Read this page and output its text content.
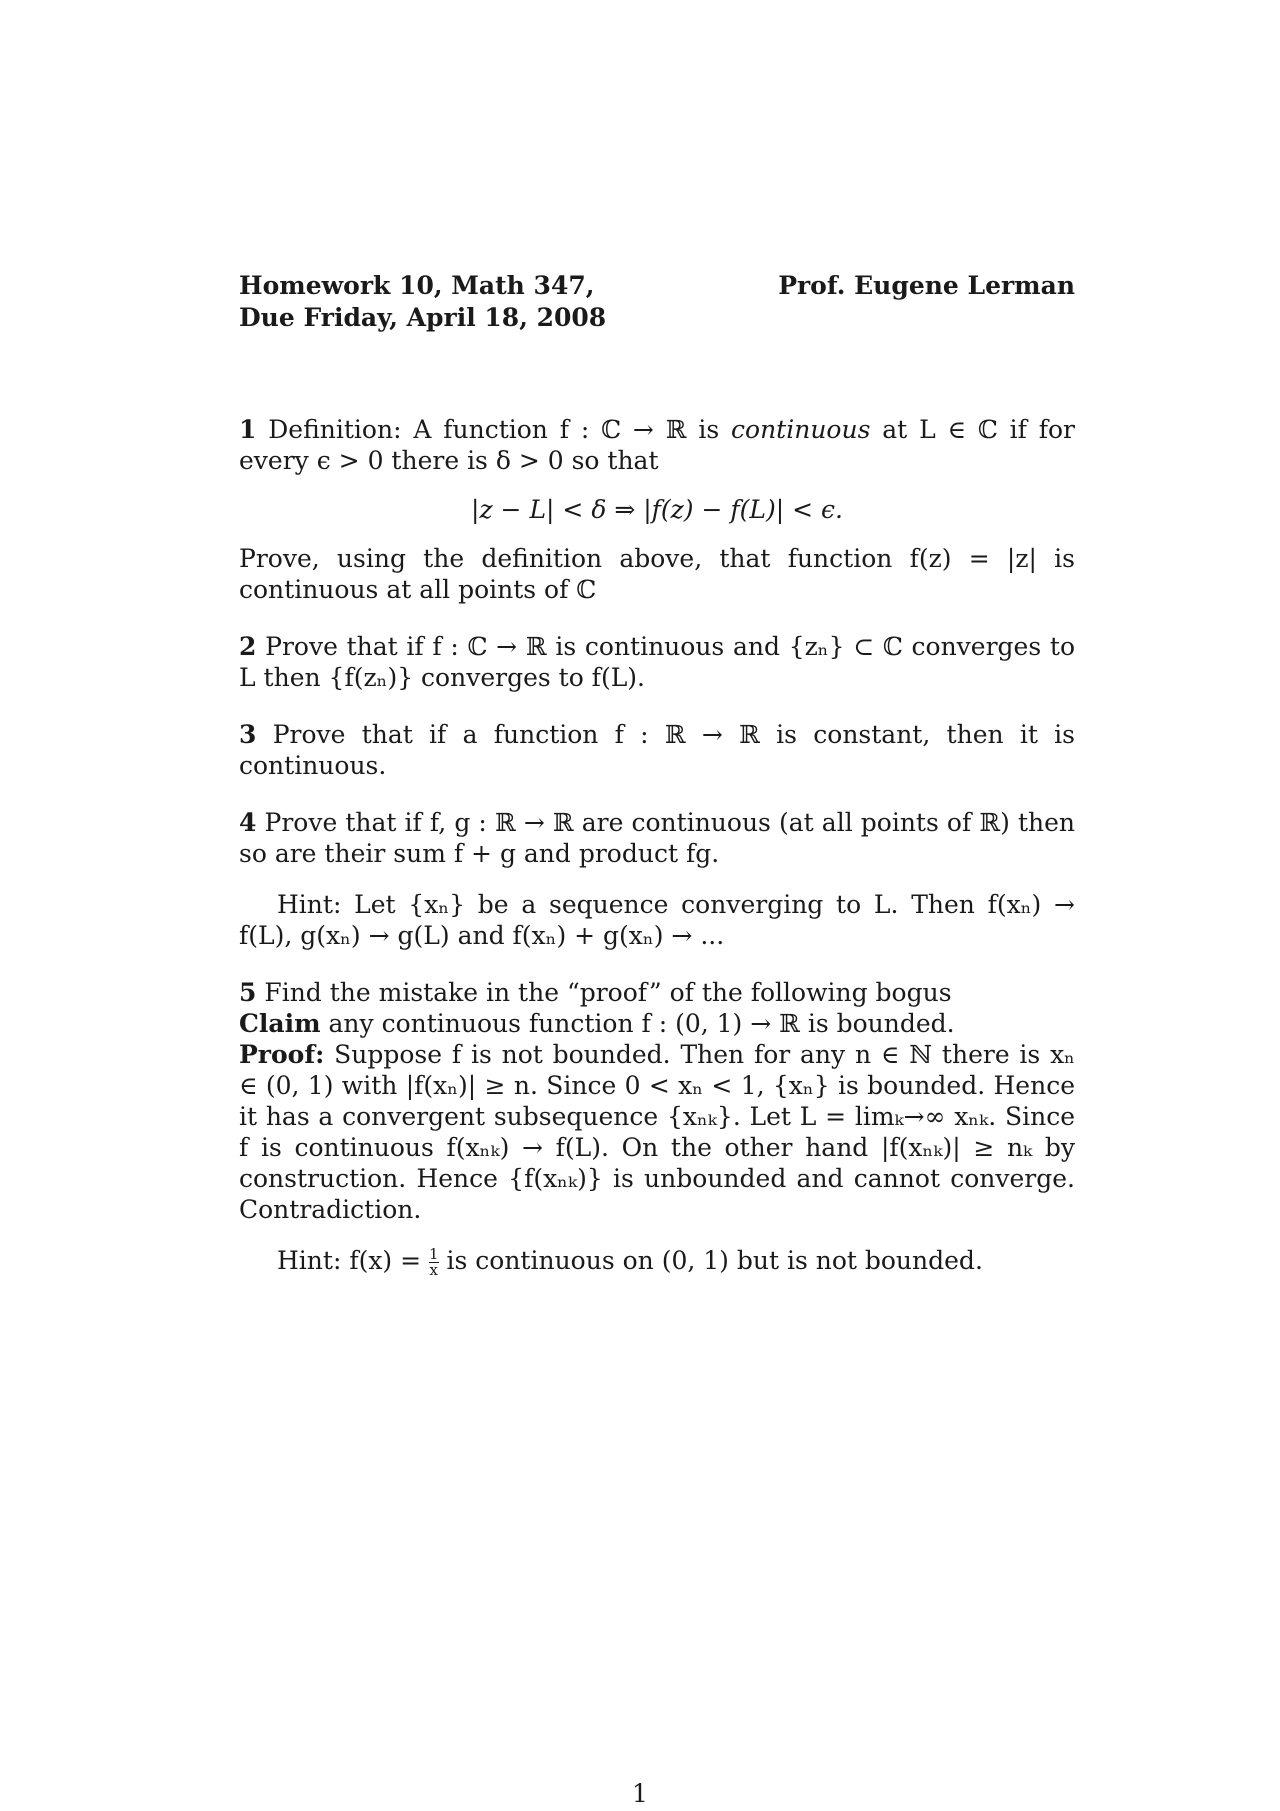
Homework 10, Math 347,
Due Friday, April 18, 2008
Prof. Eugene Lerman

1 Definition: A function f : ℂ → ℝ is continuous at L ∈ ℂ if for every ϵ > 0 there is δ > 0 so that

|z − L| < δ ⇒ |f(z) − f(L)| < ϵ.

Prove, using the definition above, that function f(z) = |z| is continuous at all points of ℂ

2 Prove that if f : ℂ → ℝ is continuous and {zₙ} ⊂ ℂ converges to L then {f(zₙ)} converges to f(L).

3 Prove that if a function f : ℝ → ℝ is constant, then it is continuous.

4 Prove that if f, g : ℝ → ℝ are continuous (at all points of ℝ) then so are their sum f + g and product fg.

Hint: Let {xₙ} be a sequence converging to L. Then f(xₙ) → f(L), g(xₙ) → g(L) and f(xₙ) + g(xₙ) → ...

5 Find the mistake in the “proof” of the following bogus

Claim any continuous function f : (0, 1) → ℝ is bounded.

Proof: Suppose f is not bounded. Then for any n ∈ ℕ there is xₙ ∈ (0, 1) with |f(xₙ)| ≥ n. Since 0 < xₙ < 1, {xₙ} is bounded. Hence it has a convergent subsequence {xₙₖ}. Let L = limₖ→∞ xₙₖ. Since f is continuous f(xₙₖ) → f(L). On the other hand |f(xₙₖ)| ≥ nₖ by construction. Hence {f(xₙₖ)} is unbounded and cannot converge. Contradiction.

Hint: $f(x) = \frac{1}{x}$ is continuous on (0, 1) but is not bounded.

1
